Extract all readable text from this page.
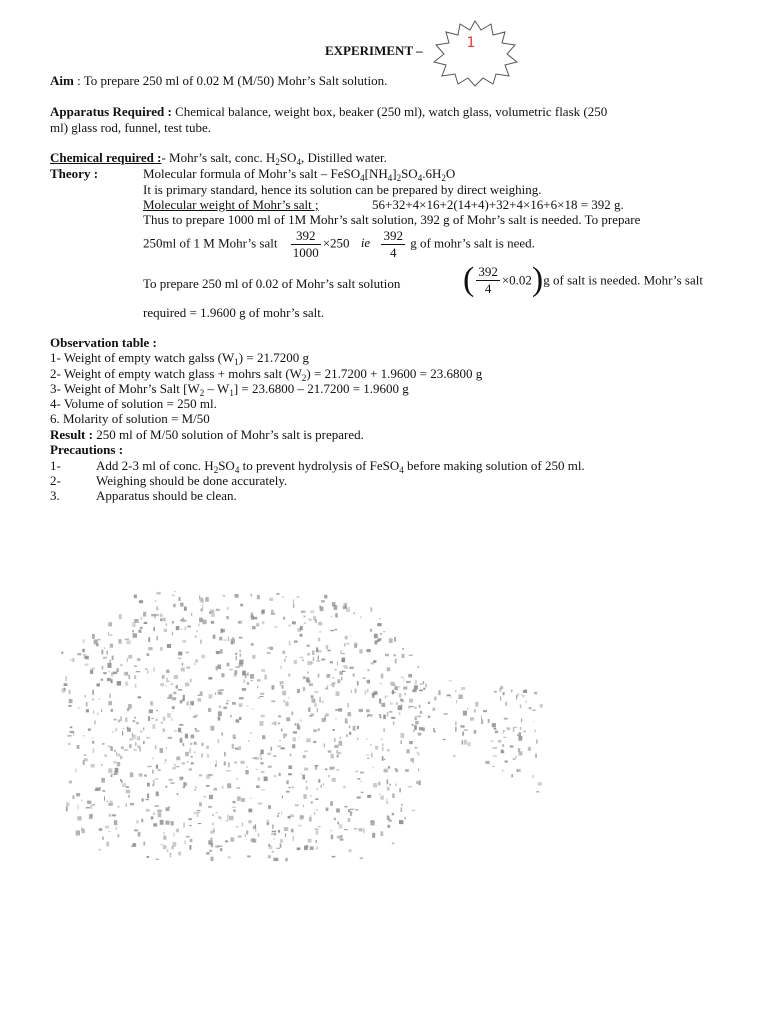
EXPERIMENT –	1
Aim : To prepare 250 ml of 0.02 M (M/50) Mohr’s Salt solution.
Apparatus Required : Chemical balance, weight box, beaker (250 ml), watch glass, volumetric flask (250
ml) glass rod, funnel, test tube.
Chemical required :- Mohr’s salt, conc. $H_2SO_4$, Distilled water.
Theory :	Molecular formula of Mohr’s salt – $FeSO_4[NH_4]_2SO_4.6H_2O$
It is primary standard, hence its solution can be prepared by direct weighing.
Molecular weight of Mohr’s salt ;	56+32+4×16+2(14+4)+32+4×16+6×18 = 392 g.
Thus to prepare 1000 ml of 1M Mohr’s salt solution, 392 g of Mohr’s salt is needed. To prepare
250ml of 1 M Mohr’s salt $\frac{392}{1000} \times 250$ ie $\frac{392}{4}$ g of mohr’s salt is need.
To prepare 250 ml of 0.02 of Mohr’s salt solution ( $\frac{392}{4} \times 0.02)g$ of salt is needed. Mohr’s salt
required = 1.9600 g of mohr’s salt.
Observation table :
1- Weight of empty watch galss $(W_1) = 21.7200$ g
2- Weight of empty watch glass + mohrs salt $(W_2) = 21.7200 + 1.9600 = 23.6800$ g
3- Weight of Mohr’s Salt $[W_2 - W_1] = 23.6800 - 21.7200 = 1.9600$ g
4- Volume of solution = 250 ml.
6. Molarity of solution = M/50
Result : 250 ml of M/50 solution of Mohr’s salt is prepared.
Precautions :
1-	Add 2-3 ml of conc. $H_2SO_4$ to prevent hydrolysis of FeSO$_4$ before making solution of 250 ml.
2-	Weighing should be done accurately.
3.	Apparatus should be clean.
